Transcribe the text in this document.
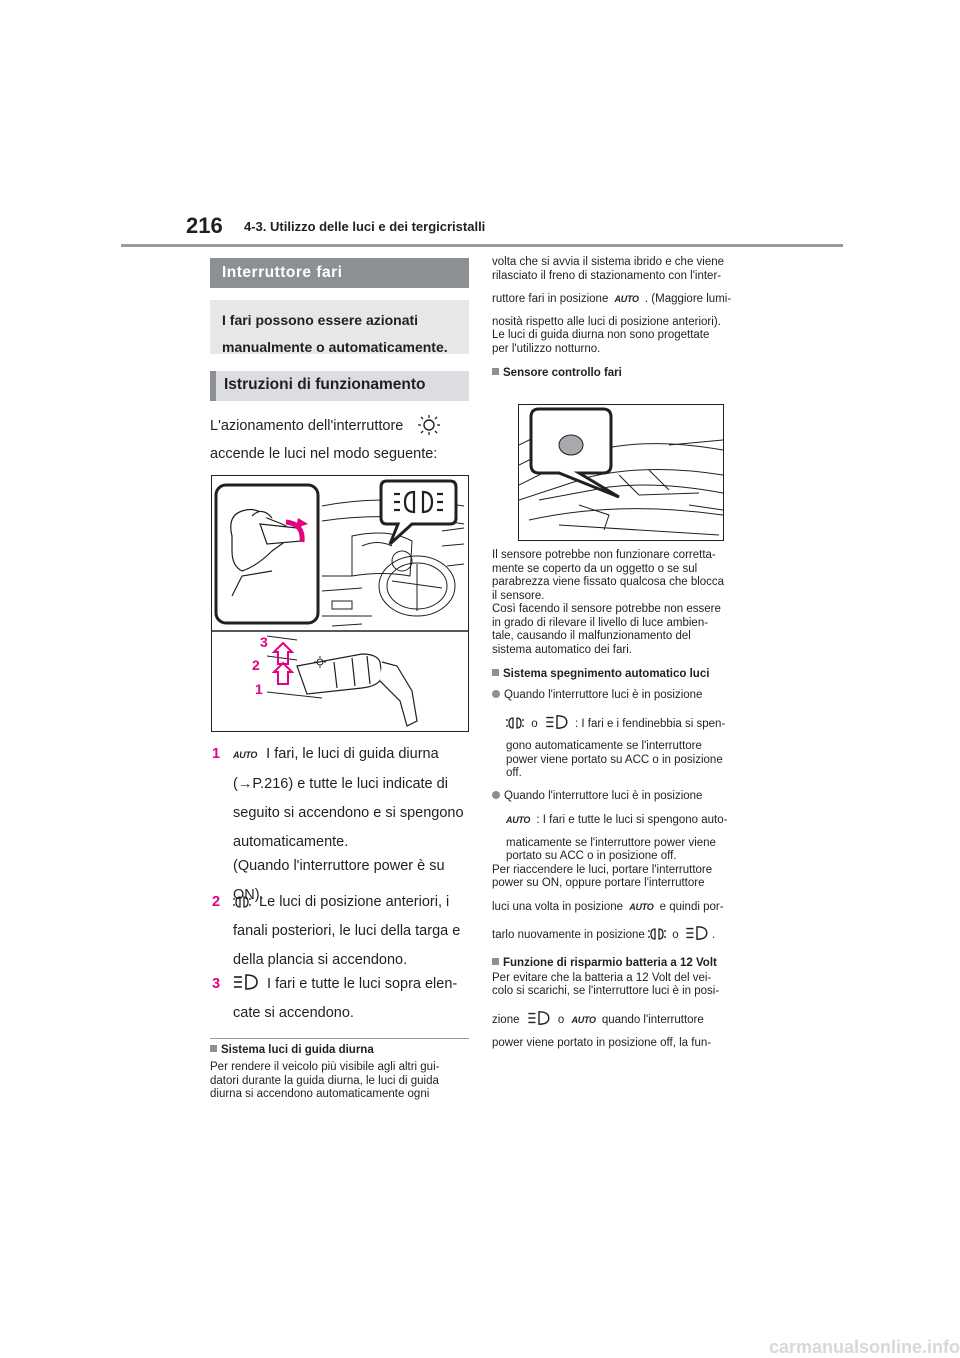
216 4-3. Utilizzo delle luci e dei tergicristalli
Interruttore fari
I fari possono essere azionati
manualmente o automaticamente.
Istruzioni di funzionamento
L'azionamento dell'interruttore
accende le luci nel modo seguente:
3
2
1
1 AUTO I fari, le luci di guida diurna
(→P.216) e tutte le luci indicate di
seguito si accendono e si spengono
automaticamente.
(Quando l'interruttore power è su
ON).
2	Le luci di posizione anteriori, i
fanali posteriori, le luci della targa e
della plancia si accendono.
3	I fari e tutte le luci sopra elen-
cate si accendono.
Sistema luci di guida diurna
Per rendere il veicolo più visibile agli altri gui-
datori durante la guida diurna, le luci di guida
diurna si accendono automaticamente ogni
volta che si avvia il sistema ibrido e che viene
rilasciato il freno di stazionamento con l'inter-
ruttore fari in posizione AUTO . (Maggiore lumi-
nosità rispetto alle luci di posizione anteriori).
Le luci di guida diurna non sono progettate
per l'utilizzo notturno.
Sensore controllo fari
Il sensore potrebbe non funzionare corretta-
mente se coperto da un oggetto o se sul
parabrezza viene fissato qualcosa che blocca
il sensore.
Così facendo il sensore potrebbe non essere
in grado di rilevare il livello di luce ambien-
tale, causando il malfunzionamento del
sistema automatico dei fari.
Sistema spegnimento automatico luci
Quando l'interruttore luci è in posizione
o	: I fari e i fendinebbia si spen-
gono automaticamente se l'interruttore
power viene portato su ACC o in posizione
off.
Quando l'interruttore luci è in posizione
AUTO : I fari e tutte le luci si spengono auto-
maticamente se l'interruttore power viene
portato su ACC o in posizione off.
Per riaccendere le luci, portare l'interruttore
power su ON, oppure portare l'interruttore
luci una volta in posizione AUTO e quindi por-
tarlo nuovamente in posizione o	.
Funzione di risparmio batteria a 12 Volt
Per evitare che la batteria a 12 Volt del vei-
colo si scarichi, se l'interruttore luci è in posi-
zione	o AUTO quando l'interruttore
power viene portato in posizione off, la fun-
carmanualsonline.info
